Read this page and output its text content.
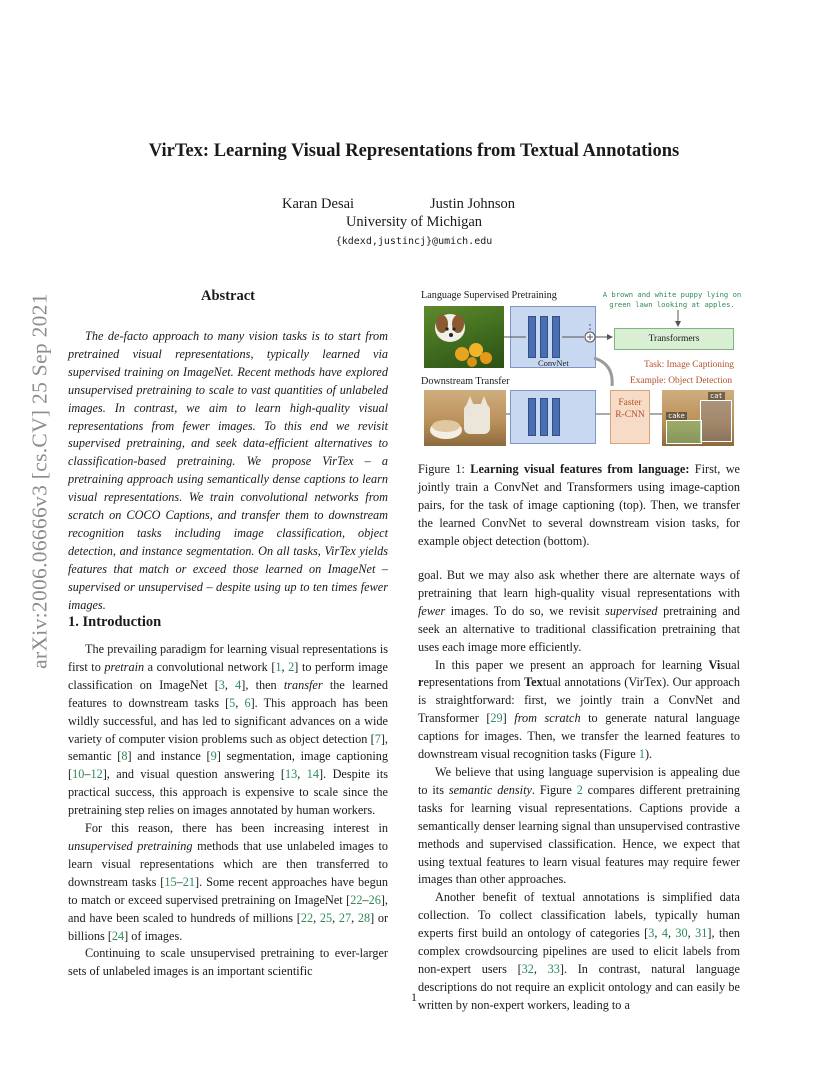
arXiv:2006.06666v3 [cs.CV] 25 Sep 2021
VirTex: Learning Visual Representations from Textual Annotations
Karan Desai	Justin Johnson
University of Michigan
{kdexd,justincj}@umich.edu
Abstract

The de-facto approach to many vision tasks is to start from pretrained visual representations, typically learned via supervised training on ImageNet. Recent methods have explored unsupervised pretraining to scale to vast quantities of unlabeled images. In contrast, we aim to learn high-quality visual representations from fewer images. To this end we revisit supervised pretraining, and seek data-efficient alternatives to classification-based pretraining. We propose VirTex – a pretraining approach using semantically dense captions to learn visual representations. We train convolutional networks from scratch on COCO Captions, and transfer them to downstream recognition tasks including image classification, object detection, and instance segmentation. On all tasks, VirTex yields features that match or exceed those learned on ImageNet – supervised or unsupervised – despite using up to ten times fewer images.

1. Introduction

The prevailing paradigm for learning visual representations is first to pretrain a convolutional network [1, 2] to perform image classification on ImageNet [3, 4], then transfer the learned features to downstream tasks [5, 6]. This approach has been wildly successful, and has led to significant advances on a wide variety of computer vision problems such as object detection [7], semantic [8] and instance [9] segmentation, image captioning [10–12], and visual question answering [13, 14]. Despite its practical success, this approach is expensive to scale since the pretraining step relies on images annotated by human workers.

For this reason, there has been increasing interest in unsupervised pretraining methods that use unlabeled images to learn visual representations which are then transferred to downstream tasks [15–21]. Some recent approaches have begun to match or exceed supervised pretraining on ImageNet [22–26], and have been scaled to hundreds of millions [22, 25, 27, 28] or billions [24] of images.

Continuing to scale unsupervised pretraining to ever-larger sets of unlabeled images is an important scientific

Language Supervised Pretraining	A brown and white puppy lying on green lawn looking at apples.
ConvNet
Transformers
Task: Image Captioning
Downstream Transfer	Example: Object Detection
Faster
R-CNN
cat
cake
Figure 1: Learning visual features from language: First, we jointly train a ConvNet and Transformers using image-caption pairs, for the task of image captioning (top). Then, we transfer the learned ConvNet to several downstream vision tasks, for example object detection (bottom).

goal. But we may also ask whether there are alternate ways of pretraining that learn high-quality visual representations with fewer images. To do so, we revisit supervised pretraining and seek an alternative to traditional classification pretraining that uses each image more efficiently.

In this paper we present an approach for learning Visual representations from Textual annotations (VirTex). Our approach is straightforward: first, we jointly train a ConvNet and Transformer [29] from scratch to generate natural language captions for images. Then, we transfer the learned features to downstream visual recognition tasks (Figure 1).

We believe that using language supervision is appealing due to its semantic density. Figure 2 compares different pretraining tasks for learning visual representations. Captions provide a semantically denser learning signal than unsupervised contrastive methods and supervised classification. Hence, we expect that using textual features to learn visual features may require fewer images than other approaches.

Another benefit of textual annotations is simplified data collection. To collect classification labels, typically human experts first build an ontology of categories [3, 4, 30, 31], then complex crowdsourcing pipelines are used to elicit labels from non-expert users [32, 33]. In contrast, natural language descriptions do not require an explicit ontology and can easily be written by non-expert workers, leading to a

1
